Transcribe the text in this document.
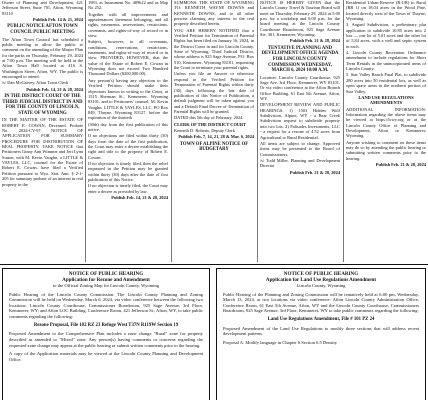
Owner of Planning and Development, 421 Jefferson Street, Suite 701, Afton, Wyoming 83110

Publish Feb. 14 & 21, 2024

PUBLIC NOTICE AFTON TOWN COUNCIL PUBLIC MEETING

The Afton Town Council has scheduled a public meeting to allow the public to comment on the amending of the Master Plan for the parks on Thursday, February 29, 2024 at 7:00 p.m. The meeting will be held at the Afton Town Hall located at 416 S. Washington Street, Afton, WY. The public is encouraged to attend.

/s/ Dan McGarvey, Afton Town Clerk

Publish Feb. 14, 21 & 28, 2024

IN THE DISTRICT COURT OF THE THIRD JUDICIAL DISTRICT IN AND FOR THE COUNTY OF LINCOLN, STATE OF WYOMING

IN THE MATTER OF THE ESTATE OF ROBERT E. COWAN, Deceased. Probate No. 2024-CV-97 NOTICE OF APPLICATION FOR SUMMARY PROCEDURE FOR DISTRIBUTION OF REAL PROPERTY. TAKE NOTICE that Petitioners Ginny Ann Wimmer and Jeri Lynn Sutton, with M. Kevin Vaughn, a LITTLE & VAYLES, LLC, counsel for the Estate of Robert E. Cowan, have filed a Verified Petition pursuant to Wyo. Stat. Ann. § 2-1-205 for summary probate of an interest in real property in the

1983, as Instrument No. 489622 and as Map No 252.

Together with all improvements and appurtenances thereunto belonging, and all rights, easements, reservations, restrictions, covenants, and rights-of-way of record or in view.

Subject, however, to all covenants, conditions, reservations, restrictions, easements, and rights-of-way of record or in view. PROVIDED, HOWEVER, that the value of the Estate of Robert E. Cowan in Wyoming does not exceed Two Hundred Thousand Dollars ($200,000.00).

Any person(s) having any objection to the Verified Petition should make their objections known in writing to the Court, at 1515 Sherman St., Kemmerer, Wyoming 83101, and to Petitioners' counsel, M. Kevin Vaughn, LITTLE & VAYLES, LLC, PO Box 849, Thayne, Wyoming 83127, before the expiration of the thirtieth

(30th) day from the first publication of this notice.

If no objections are filed within thirty (30) days from the date of the first publication, the Court may enter a decree establishing the right and title to the property of Robert E. Cowan.

If no objection is timely filed, then the relief requested in the Petition may be granted within thirty (30) days after the date of first publication of this Notice.

If no objection is timely filed, the Court may enter a decree as provided by law.

Publish Feb. 14, 21 & 28, 2024

SUMMONS: THE STATE OF WYOMING TO: KENNETH WAYNE DOWNS and KENNETH DOWNS, and to all other persons claiming any interest in the real property described herein.

YOU ARE HEREBY NOTIFIED that a Verified Petition for Termination of Parental Rights has been filed on January 16, 2024, in the District Court in and for Lincoln County, State of Wyoming, Third Judicial District, whose address is 925 Sage Avenue, P.O. Box 510, Kemmerer, Wyoming 83101, requesting the Court to terminate your parental rights.

Unless you file an Answer or otherwise respond to the Verified Petition for Termination of Parental Rights within thirty (30) days following the last date of publication of this Notice of Publication, a default judgment will be taken against you and a Default Final Decree of Termination of Parental Rights will be granted.

DATED this 5th day of February, 2024.

CLERK OF THE DISTRICT COURT

Kenneth D. Roberts, Deputy Clerk

Publish Feb. 7, 14, 21, 28 & Mar. 6, 2024

TOWN OF ALPINE NOTICE OF BUDGETARY

NOTICE IS HEREBY GIVEN that the Lincoln County Travel & Tourism Board will meet on Thursday, February 29, 2024 at 5:00 p.m. for a workshop and 6:00 p.m. for the board meeting at the Lincoln County Courthouse Boardroom, 925 Sage Avenue Ste. 301, Kemmerer, Wyoming.

Publish Feb. 21 & 28, 2024

TENTATIVE PLANNING AND DEVELOPMENT OFFICE AGENDA FOR LINCOLN COUNTY COMMISSION WEDNESDAY, MARCH 6, 2024 10:00 A.M.

Location: Lincoln County Courthouse, 925 Sage Ave. 3rd Floor, Kemmerer, WY 83101. Or via video conference at the Afton Branch Office Building, 61 East 5th Avenue, Afton, WY.

DEVELOPMENT REVIEW AND PUBLIC HEARINGS: 1) 1503 Hidden Wolf Subdivision, Alpine, WY - a Bear Creek Subdivision request to subdivide property into two lots. 2) Palisades Investments, LLC - a request for a rezone of 4.52 acres from Agricultural to Rural Residential.

All items are subject to change. Approved items may be presented to the Board of Commissioners.

/s/ Todd Miller, Planning and Development Director

Publish Feb. 21 & 28, 2024

Residential Urban-Reserve (R-UR) to Rural (RR 1) on 18.04 acres in the Wood Pine, located directly west of the Town of Thayne, Wyoming.

3. Aagard Subdivision, a preliminary plat application to subdivide 10.85 acres into 2 lots — one lot of 5.01 acres and the other lot of 5.84 acres, with a well and septic system in each.

4. Lincoln County Recreation Ordinance amendment to include regulations for Short Term Rentals in the unincorporated areas of Lincoln County.

5. Star Valley Ranch Final Plat, to subdivide 280 acres into 50 residential lots, as well as open space areas in the northern portion of Star Valley.

LAND USE REGULATIONS AMENDMENTS

ADDITIONAL INFORMATION: Information regarding the above items may be viewed at https://lcwy.org or at the Lincoln County Office of Planning and Development, Afton or Kemmerer, Wyoming.

Anyone wishing to comment on these items may do so by attending the public hearing or submitting written comments prior to the hearing.

Publish Feb. 21 & 28, 2024

NOTICE OF PUBLIC HEARING
Application for Rezone and Amendment
to the Official Zoning Map for Lincoln County, Wyoming

Public Hearing of the Lincoln County Commission. The Lincoln County Planning and Zoning Commission will be held on Wednesday, March 6, 2024, via video conference between the following two locations: Lincoln County Courthouse, Commissioner Boardroom, 925 Sage Avenue, 3rd Floor, Kemmerer, WY; and Afton LOC Building, Conference Room, 421 Jefferson St., Afton, WY, to take public comments regarding the following:

Rezone Proposal, File 102 RZ 23 Refuge West T37N R119W Section 19

Proposed Amendment to the Comprehensive Plan includes a zone change "Rural" zone for property described as amended to "Mixed" zone. Any person(s) having comments or concerns regarding the requested zone change may appear at the public hearing or submit written comments prior to the hearing.

A copy of the Application materials may be viewed at the Lincoln County Planning and Development Office.

NOTICE OF PUBLIC HEARING
Application for Land Use Regulations Amendment
Lincoln County, Wyoming

Public Hearing of the Planning and Zoning Commission will be tentatively held at 6:00 pm, Wednesday, March 13, 2024, at two locations via video conference: Afton Lincoln County Administration Office, Conference Room, 61 East 5th Avenue, Afton, WY and the Lincoln County Courthouse, Commissioners Boardroom, 925 Sage Avenue, 3rd Floor, Kemmerer, WY to take public comments regarding the following:

Land Use Regulations Amendment, File # 101 PZ 24

Proposed Amendment of the Land Use Regulations to modify three sections that will address recent development patterns.

Proposal A. Modify language in Chapter 6 Section 6.5 Density
